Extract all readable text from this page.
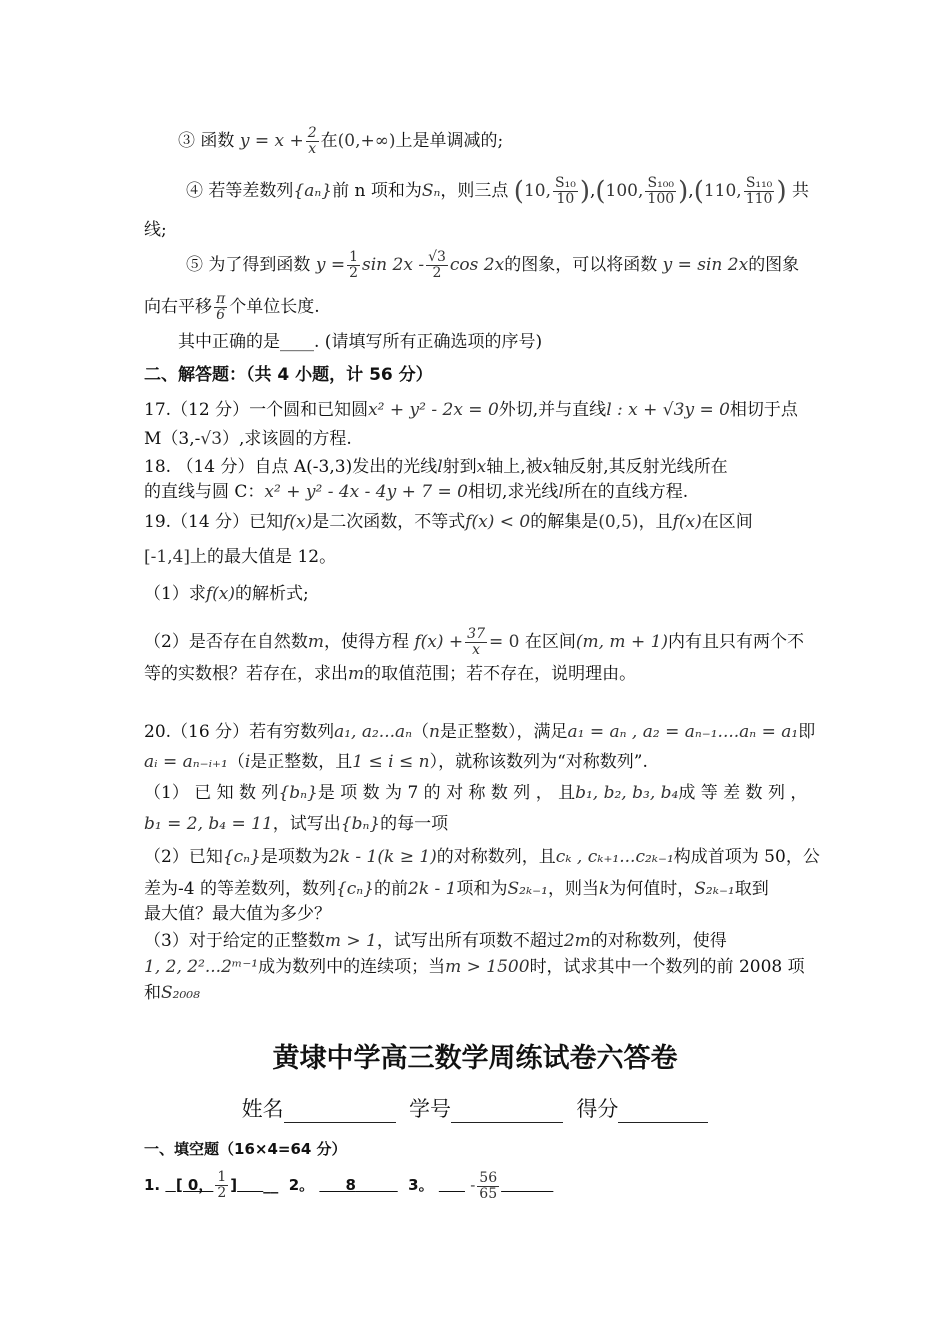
③ 函数 $y = x + \frac{2}{x}$ 在(0,+∞)上是单调减的;
④ 若等差数列{aₙ}前 n 项和为Sₙ，则三点 (10, $\frac{\text{S₁₀}}{10} ),(100$, $\frac{\text{S₁₀₀}}{100} ),(110$, $\frac{\text{S₁₁₀}}{110}$ ) 共
线;
⑤ 为了得到函数 $y = \frac{1}{2}$ $\sin 2x - \frac{√3}{2}$ cos 2x的图象，可以将函数 y = sin 2x的图象
向右平移 $\frac{\pi}{6}$ 个单位长度.
其中正确的是____. (请填写所有正确选项的序号)
二、解答题：（共 4 小题，计 56 分）
17.（12 分）一个圆和已知圆x² + y² - 2x = 0外切,并与直线l : x + √3y = 0相切于点
M（3,-√3）,求该圆的方程.
18. （14 分）自点 A(-3,3)发出的光线l射到x轴上,被x轴反射,其反射光线所在
的直线与圆 C：x² + y² - 4x - 4y + 7 = 0相切,求光线l所在的直线方程.
19.（14 分）已知f(x)是二次函数，不等式f(x) < 0的解集是(0,5)，且f(x)在区间
[-1,4]上的最大值是 12。
（1）求f(x)的解析式;
（2）是否存在自然数m，使得方程 $f(x) + \frac{37}{x} = 0$ 在区间(m, m + 1)内有且只有两个不
等的实数根？若存在，求出m的取值范围；若不存在，说明理由。
20.（16 分）若有穷数列a₁, a₂...aₙ（n是正整数），满足a₁ = aₙ , a₂ = aₙ₋₁....aₙ = a₁即
aᵢ = aₙ₋ᵢ₊₁（i是正整数，且1 ≤ i ≤ n），就称该数列为“对称数列”.
（1） 已 知 数 列{bₙ}是 项 数 为 7 的 对 称 数 列 ， 且b₁, b₂, b₃, b₄成 等 差 数 列 ，
b₁ = 2, b₄ = 11，试写出{bₙ}的每一项
（2）已知{cₙ}是项数为2k - 1(k ≥ 1)的对称数列，且cₖ , cₖ₊₁...c₂ₖ₋₁构成首项为 50，公
差为-4 的等差数列，数列{cₙ}的前2k - 1项和为S₂ₖ₋₁，则当k为何值时，S₂ₖ₋₁取到
最大值？最大值为多少？
（3）对于给定的正整数m > 1，试写出所有项数不超过2m的对称数列，使得
1, 2, 2²...2ᵐ⁻¹成为数列中的连续项；当m > 1500时，试求其中一个数列的前 2008 项
和S₂₀₀₈
黄埭中学高三数学周练试卷六答卷
姓名	学号	得分
一、填空题（16×4=64 分）
1. [ 0， $\frac{1}{2}$ ] __  2。 8	3。 - $\frac{56}{65}$
